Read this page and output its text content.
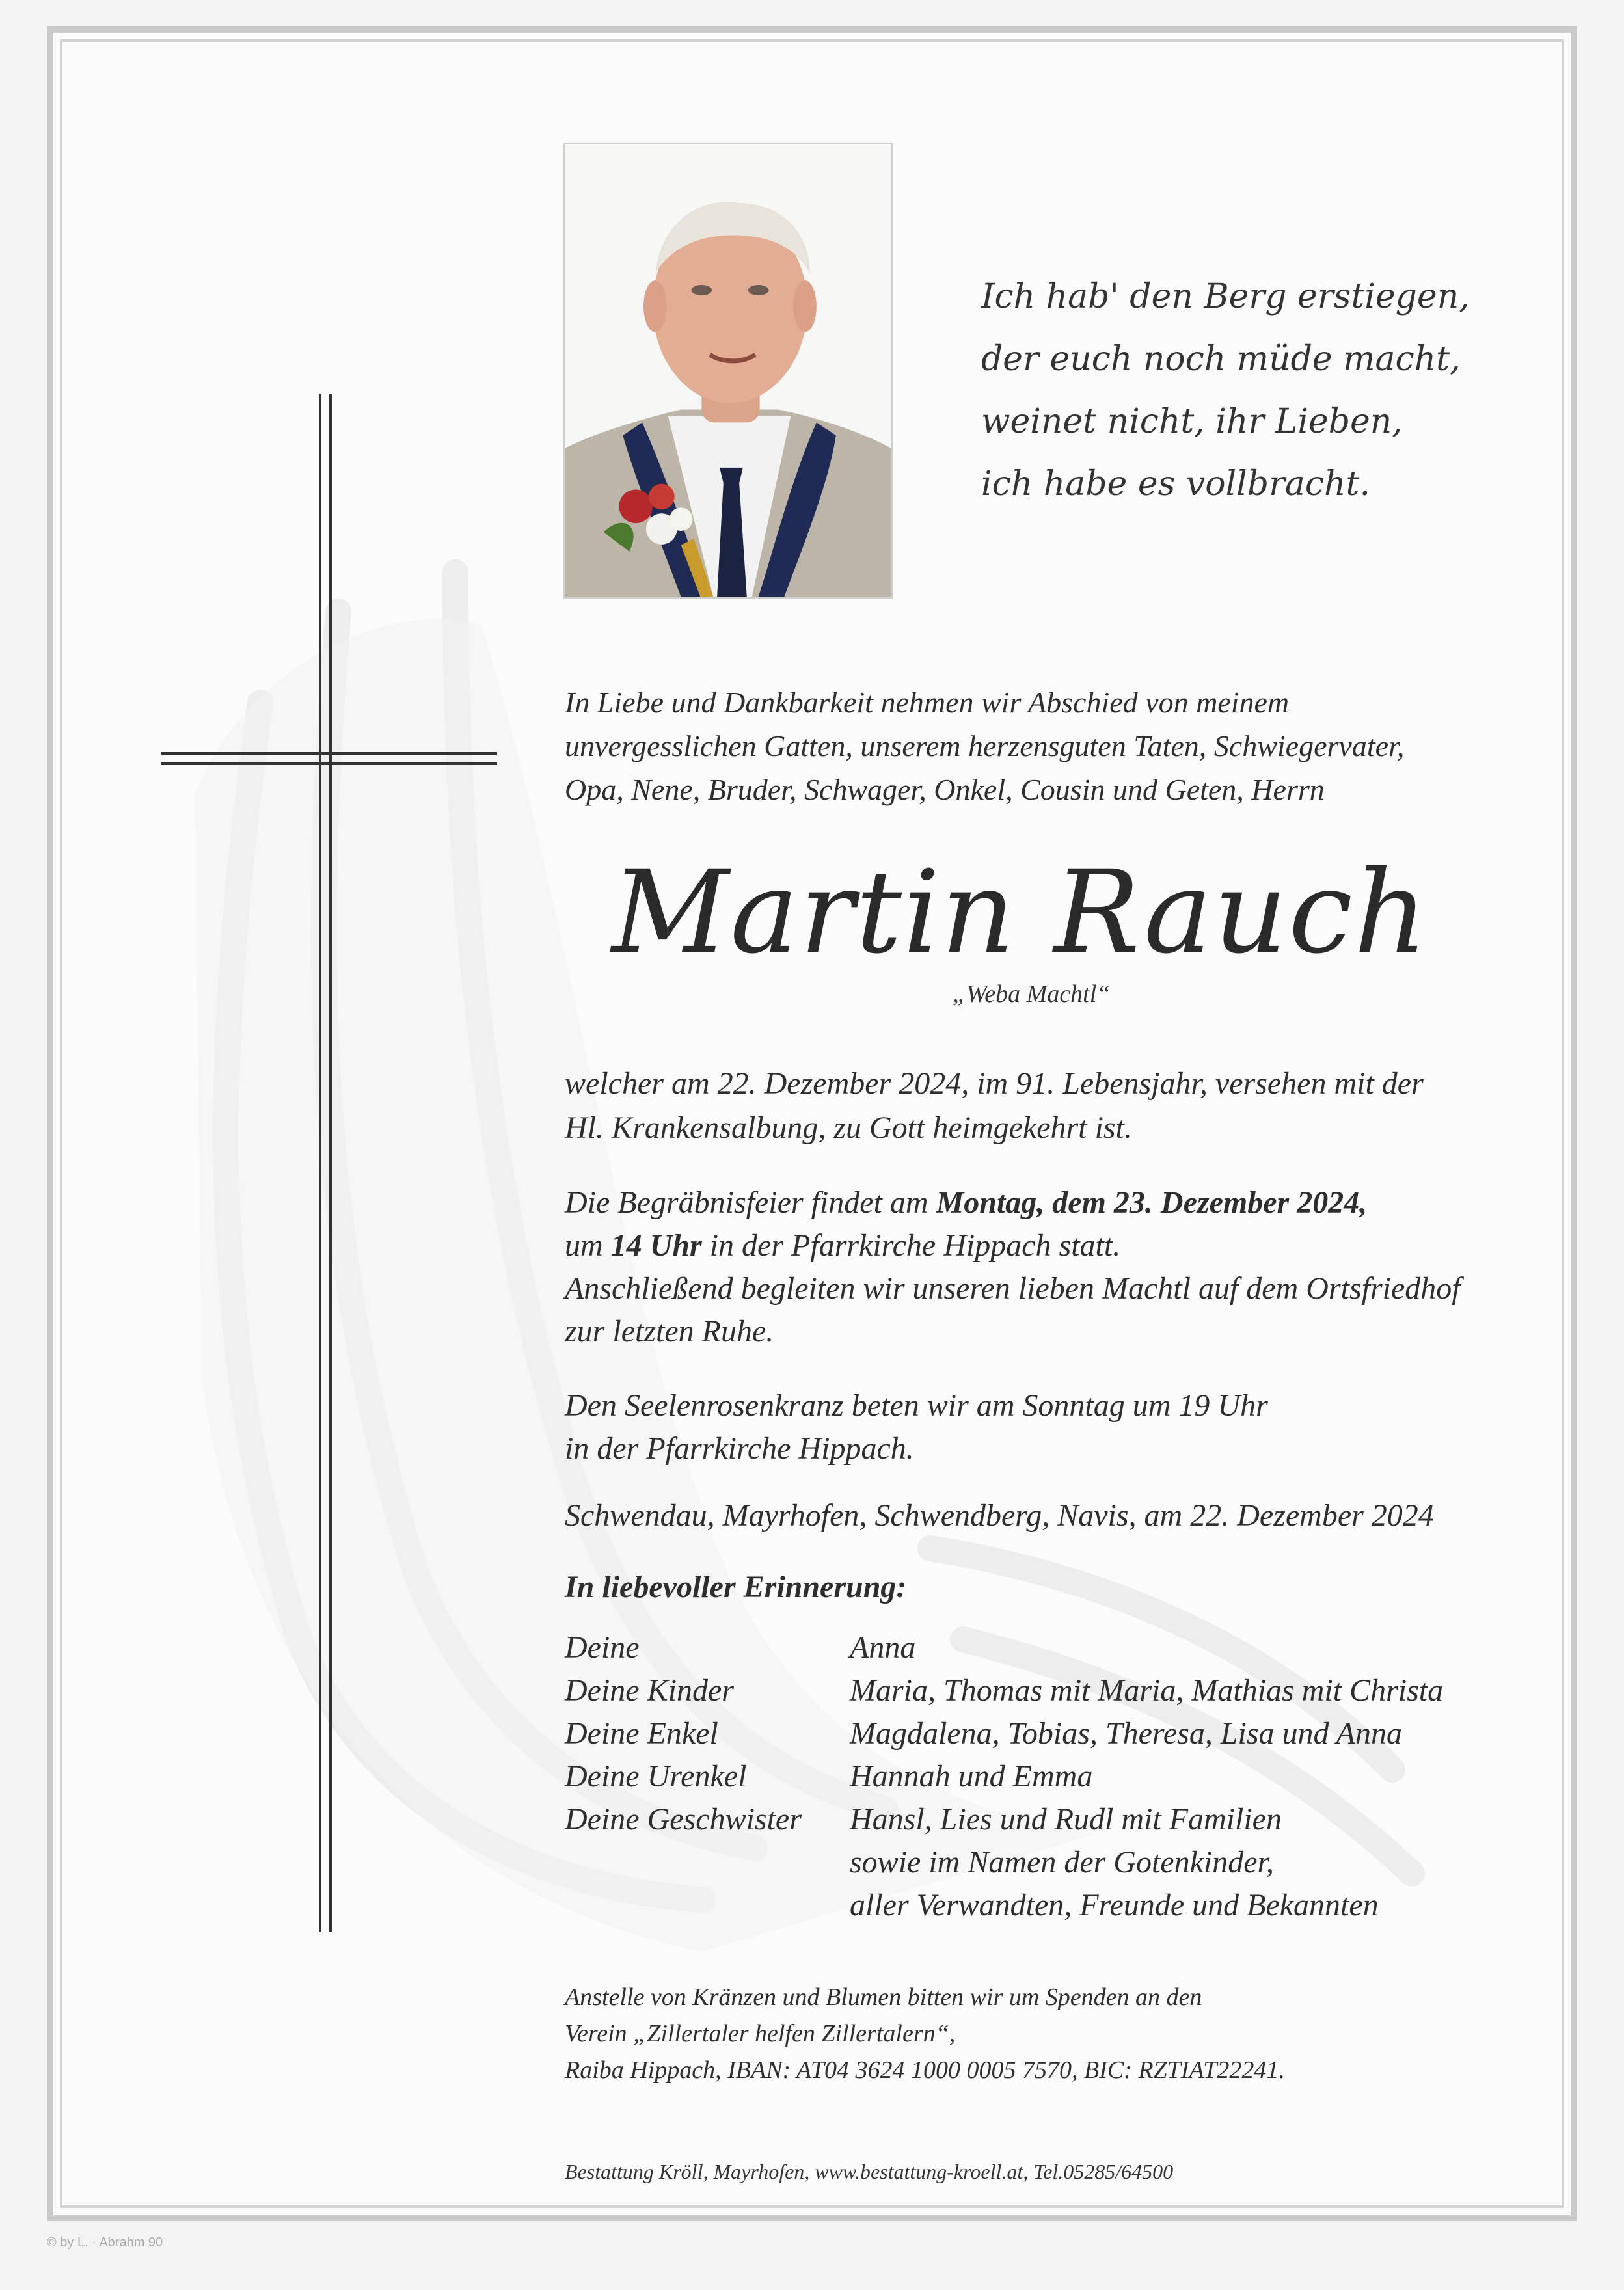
Ich hab' den Berg erstiegen,
der euch noch müde macht,
weinet nicht, ihr Lieben,
ich habe es vollbracht.
In Liebe und Dankbarkeit nehmen wir Abschied von meinem
unvergesslichen Gatten, unserem herzensguten Taten, Schwiegervater,
Opa, Nene, Bruder, Schwager, Onkel, Cousin und Geten, Herrn
Martin Rauch
„Weba Machtl“
welcher am 22. Dezember 2024, im 91. Lebensjahr, versehen mit der
Hl. Krankensalbung, zu Gott heimgekehrt ist.
Die Begräbnisfeier findet am Montag, dem 23. Dezember 2024,
um 14 Uhr in der Pfarrkirche Hippach statt.
Anschließend begleiten wir unseren lieben Machtl auf dem Ortsfriedhof
zur letzten Ruhe.
Den Seelenrosenkranz beten wir am Sonntag um 19 Uhr
in der Pfarrkirche Hippach.
Schwendau, Mayrhofen, Schwendberg, Navis, am 22. Dezember 2024
In liebevoller Erinnerung:
Deine	Anna
Deine Kinder	Maria, Thomas mit Maria, Mathias mit Christa
Deine Enkel	Magdalena, Tobias, Theresa, Lisa und Anna
Deine Urenkel	Hannah und Emma
Deine Geschwister	Hansl, Lies und Rudl mit Familien
sowie im Namen der Gotenkinder,
aller Verwandten, Freunde und Bekannten
Anstelle von Kränzen und Blumen bitten wir um Spenden an den
Verein „Zillertaler helfen Zillertalern“,
Raiba Hippach, IBAN: AT04 3624 1000 0005 7570, BIC: RZTIAT22241.
Bestattung Kröll, Mayrhofen, www.bestattung-kroell.at, Tel.05285/64500
© by L. · Abrahm 90
